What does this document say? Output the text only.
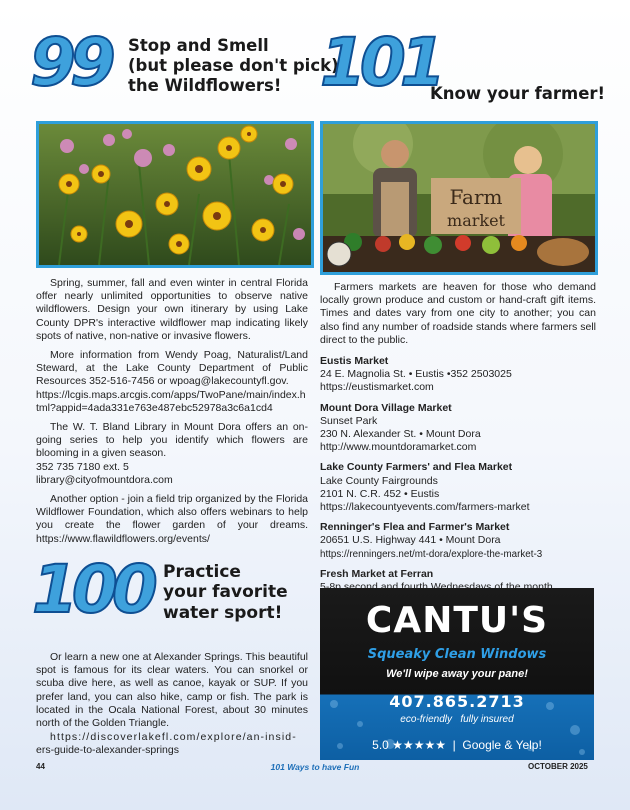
99 Stop and Smell
(but please don't pick)
the Wildflowers!

Spring, summer, fall and even winter in central Florida offer nearly unlimited opportunities to observe native wildflowers. Design your own itinerary by using Lake County DPR's interactive wildflower map indicating likely spots of native, non-native or invasive flowers.

More information from Wendy Poag, Naturalist/Land Steward, at the Lake County Department of Public Resources 352-516-7456 or wpoag@lakecountyfl.gov.

https://lcgis.maps.arcgis.com/apps/TwoPane/main/index.html?appid=4ada331e763e487ebc52978a3c6a1cd4

The W. T. Bland Library in Mount Dora offers an on-going series to help you identify which flowers are blooming in a given season.

352 735 7180 ext. 5
library@cityofmountdora.com

Another option - join a field trip organized by the Florida Wildflower Foundation, which also offers webinars to help you create the flower garden of your dreams. https://www.flawildflowers.org/events/

100 Practice
your favorite
water sport!

Or learn a new one at Alexander Springs. This beautiful spot is famous for its clear waters. You can snorkel or scuba dive here, as well as canoe, kayak or SUP. If you prefer land, you can also hike, camp or fish. The park is located in the Ocala National Forest, about 30 minutes north of the Golden Triangle.

https://discoverlakefl.com/explore/an-insid-
ers-guide-to-alexander-springs
101
Know your farmer!
Farm
market

Farmers markets are heaven for those who demand locally grown produce and custom or hand-craft gift items. Times and dates vary from one city to another; you can also find any number of roadside stands where farmers sell direct to the public.

Eustis Market
24 E. Magnolia St. • Eustis •352 2503025
https://eustismarket.com
Mount Dora Village Market
Sunset Park
230 N. Alexander St. • Mount Dora
http://www.mountdoramarket.com
Lake County Farmers' and Flea Market
Lake County Fairgrounds
2101 N. C.R. 452 • Eustis
https://lakecountyevents.com/farmers-market
Renninger's Flea and Farmer's Market
20651 U.S. Highway 441 • Mount Dora
https://renningers.net/mt-dora/explore-the-market-3
Fresh Market at Ferran
CANTU'S
Squeaky Clean Windows
We'll wipe away your pane!
407.865.2713
eco-friendly   fully insured
5.0 ★★★★★  |  Google & Yelp!
44	101 Ways to have Fun	OCTOBER 2025
